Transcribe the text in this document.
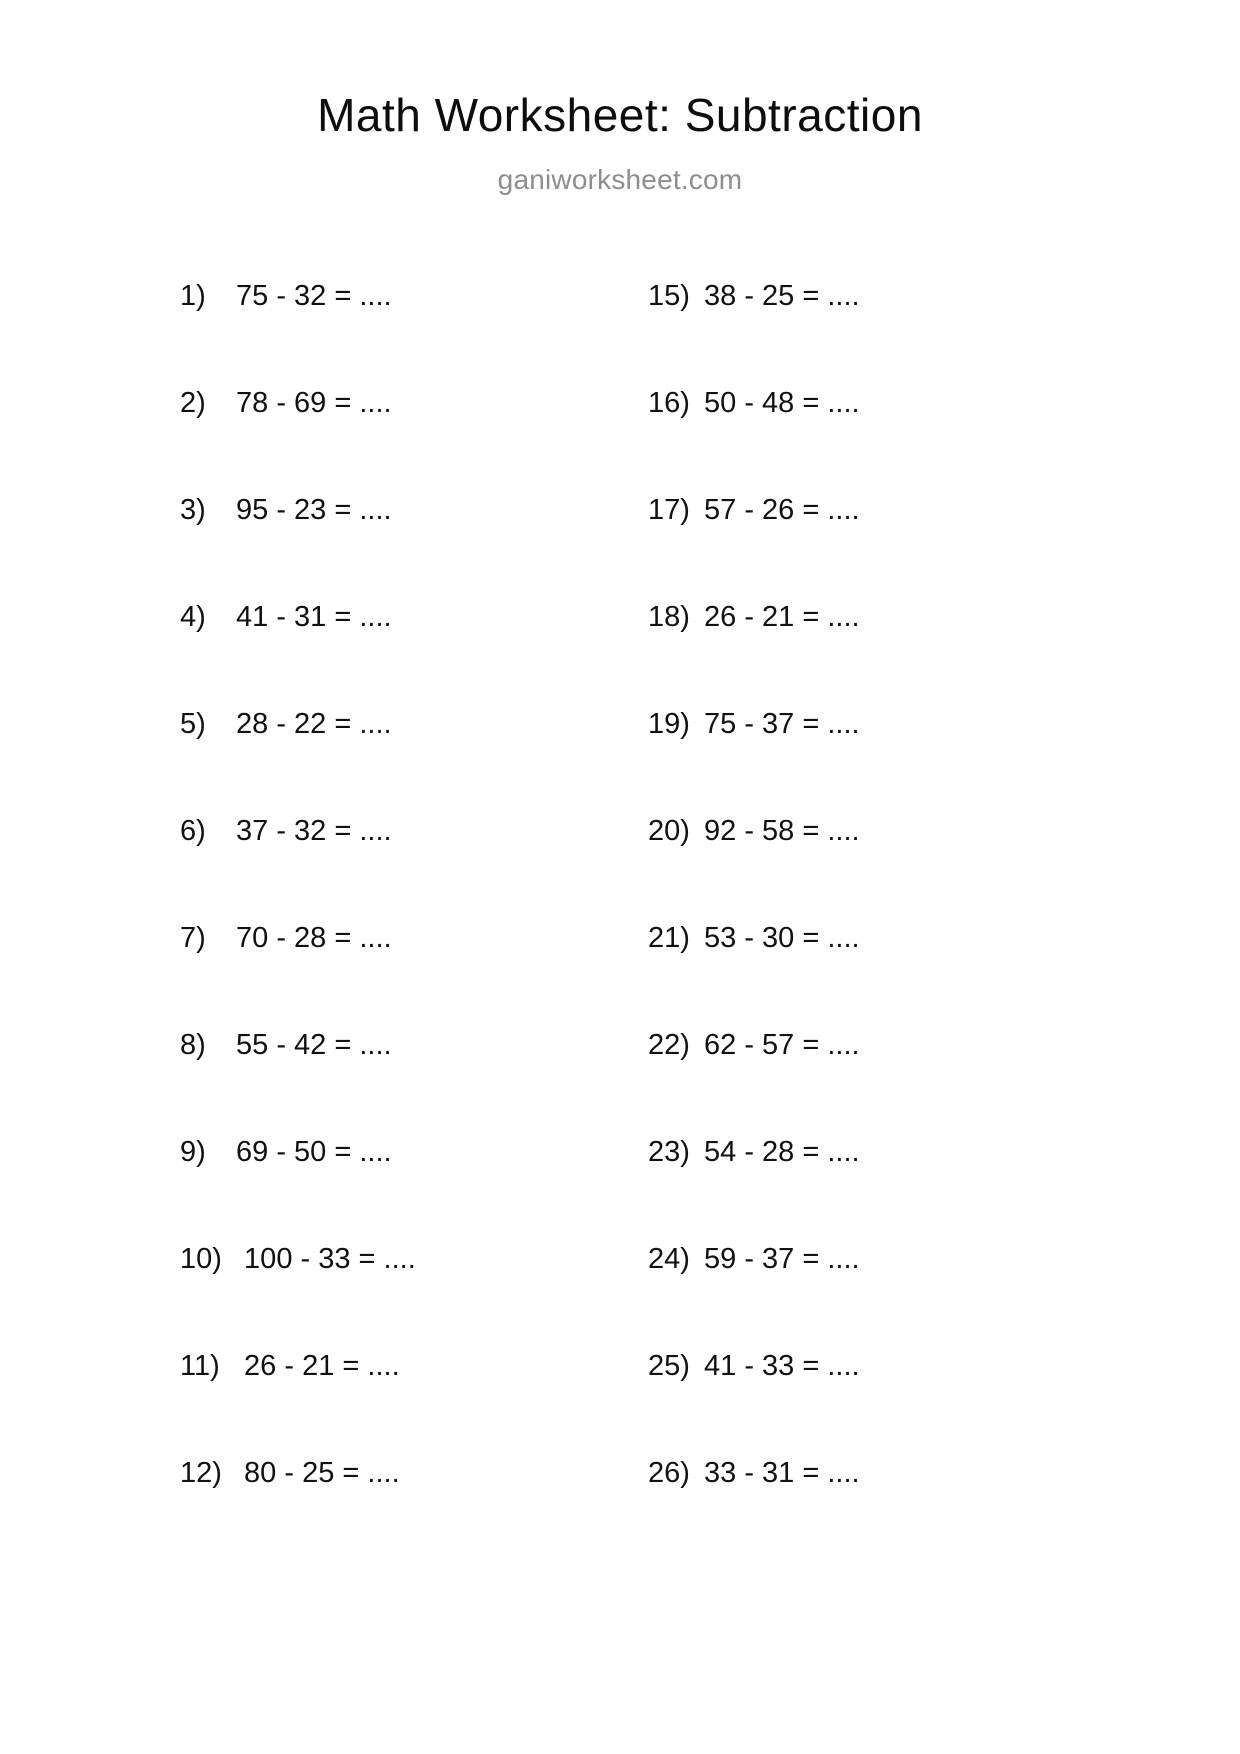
Math Worksheet: Subtraction
ganiworksheet.com
1)	75 - 32 = ....
2)	78 - 69 = ....
3)	95 - 23 = ....
4)	41 - 31 = ....
5)	28 - 22 = ....
6)	37 - 32 = ....
7)	70 - 28 = ....
8)	55 - 42 = ....
9)	69 - 50 = ....
10) 100 - 33 = ....
11) 26 - 21 = ....
12) 80 - 25 = ....
15) 38 - 25 = ....
16) 50 - 48 = ....
17) 57 - 26 = ....
18) 26 - 21 = ....
19) 75 - 37 = ....
20) 92 - 58 = ....
21) 53 - 30 = ....
22) 62 - 57 = ....
23) 54 - 28 = ....
24) 59 - 37 = ....
25) 41 - 33 = ....
26) 33 - 31 = ....
